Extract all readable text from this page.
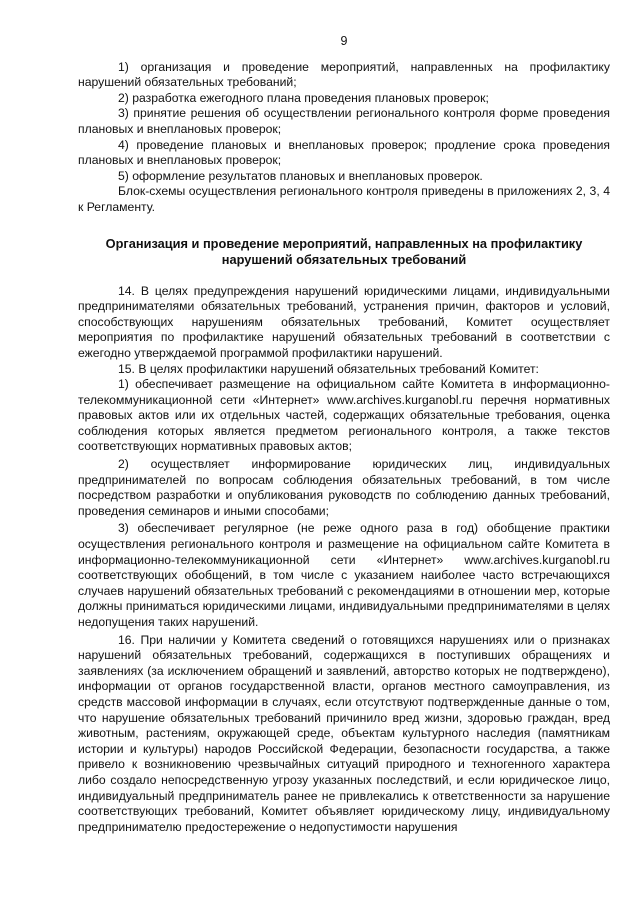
9

1) организация и проведение мероприятий, направленных на профилактику нарушений обязательных требований;

2) разработка ежегодного плана проведения плановых проверок;

3) принятие решения об осуществлении регионального контроля форме проведения плановых и внеплановых проверок;

4) проведение плановых и внеплановых проверок; продление срока проведения плановых и внеплановых проверок;

5) оформление результатов плановых и внеплановых проверок.

Блок-схемы осуществления регионального контроля приведены в приложениях 2, 3, 4 к Регламенту.

Организация и проведение мероприятий, направленных на профилактику нарушений обязательных требований

14. В целях предупреждения нарушений юридическими лицами, индивидуальными предпринимателями обязательных требований, устранения причин, факторов и условий, способствующих нарушениям обязательных требований, Комитет осуществляет мероприятия по профилактике нарушений обязательных требований в соответствии с ежегодно утверждаемой программой профилактики нарушений.

15. В целях профилактики нарушений обязательных требований Комитет:

1) обеспечивает размещение на официальном сайте Комитета в информационно-телекоммуникационной сети «Интернет» www.archives.kurganobl.ru перечня нормативных правовых актов или их отдельных частей, содержащих обязательные требования, оценка соблюдения которых является предметом регионального контроля, а также текстов соответствующих нормативных правовых актов;

2) осуществляет информирование юридических лиц, индивидуальных предпринимателей по вопросам соблюдения обязательных требований, в том числе посредством разработки и опубликования руководств по соблюдению данных требований, проведения семинаров и иными способами;

3) обеспечивает регулярное (не реже одного раза в год) обобщение практики осуществления регионального контроля и размещение на официальном сайте Комитета в информационно-телекоммуникационной сети «Интернет» www.archives.kurganobl.ru соответствующих обобщений, в том числе с указанием наиболее часто встречающихся случаев нарушений обязательных требований с рекомендациями в отношении мер, которые должны приниматься юридическими лицами, индивидуальными предпринимателями в целях недопущения таких нарушений.

16. При наличии у Комитета сведений о готовящихся нарушениях или о признаках нарушений обязательных требований, содержащихся в поступивших обращениях и заявлениях (за исключением обращений и заявлений, авторство которых не подтверждено), информации от органов государственной власти, органов местного самоуправления, из средств массовой информации в случаях, если отсутствуют подтвержденные данные о том, что нарушение обязательных требований причинило вред жизни, здоровью граждан, вред животным, растениям, окружающей среде, объектам культурного наследия (памятникам истории и культуры) народов Российской Федерации, безопасности государства, а также привело к возникновению чрезвычайных ситуаций природного и техногенного характера либо создало непосредственную угрозу указанных последствий, и если юридическое лицо, индивидуальный предприниматель ранее не привлекались к ответственности за нарушение соответствующих требований, Комитет объявляет юридическому лицу, индивидуальному предпринимателю предостережение о недопустимости нарушения
